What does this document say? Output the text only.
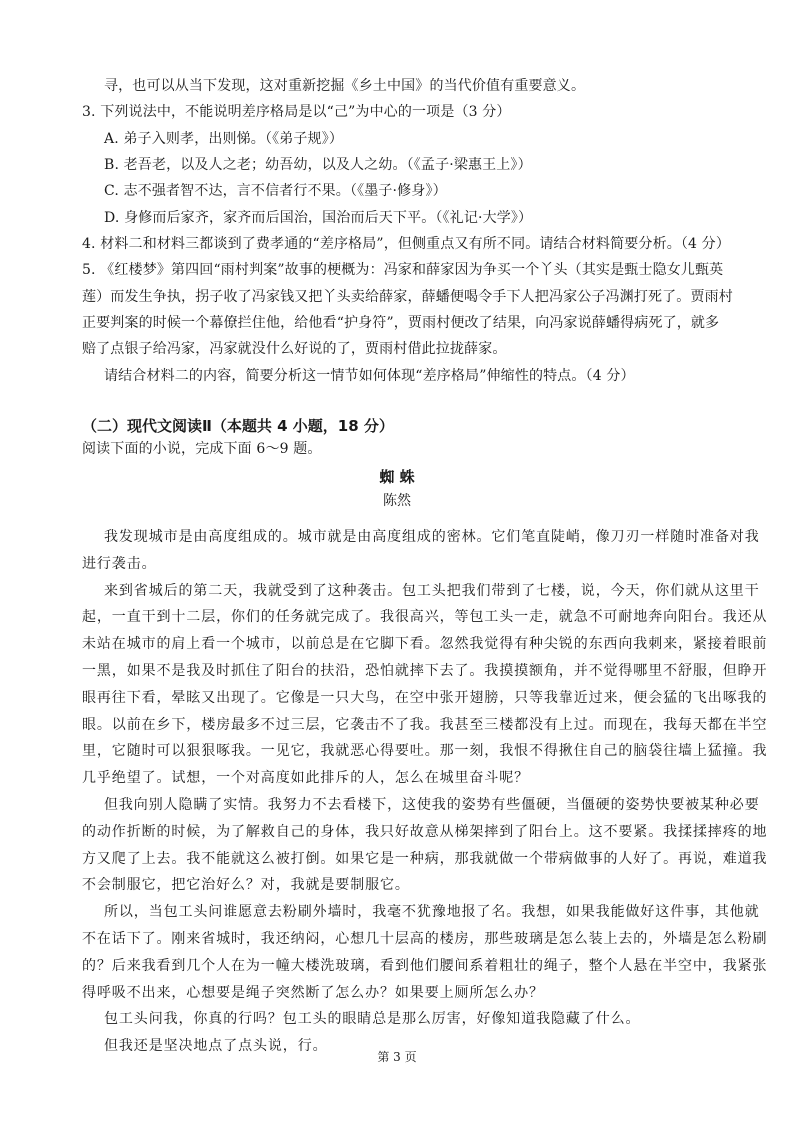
寻，也可以从当下发现，这对重新挖掘《乡土中国》的当代价值有重要意义。
3. 下列说法中，不能说明差序格局是以“己”为中心的一项是（3 分）
A. 弟子入则孝，出则悌。（《弟子规》）
B. 老吾老，以及人之老；幼吾幼，以及人之幼。（《孟子·梁惠王上》）
C. 志不强者智不达，言不信者行不果。（《墨子·修身》）
D. 身修而后家齐，家齐而后国治，国治而后天下平。（《礼记·大学》）
4. 材料二和材料三都谈到了费孝通的“差序格局”，但侧重点又有所不同。请结合材料简要分析。（4 分）
5. 《红楼梦》第四回“雨村判案”故事的梗概为：冯家和薛家因为争买一个丫头（其实是甄士隐女儿甄英
莲）而发生争执，拐子收了冯家钱又把丫头卖给薛家，薛蟠便喝令手下人把冯家公子冯渊打死了。贾雨村
正要判案的时候一个幕僚拦住他，给他看“护身符”，贾雨村便改了结果，向冯家说薛蟠得病死了，就多
赔了点银子给冯家，冯家就没什么好说的了，贾雨村借此拉拢薛家。
请结合材料二的内容，简要分析这一情节如何体现“差序格局”伸缩性的特点。（4 分）
（二）现代文阅读Ⅱ（本题共 4 小题，18 分）
阅读下面的小说，完成下面 6～9 题。
蜘 蛛
陈然
我发现城市是由高度组成的。城市就是由高度组成的密林。它们笔直陡峭，像刀刃一样随时准备对我
进行袭击。
来到省城后的第二天，我就受到了这种袭击。包工头把我们带到了七楼，说，今天，你们就从这里干
起，一直干到十二层，你们的任务就完成了。我很高兴，等包工头一走，就急不可耐地奔向阳台。我还从
未站在城市的肩上看一个城市，以前总是在它脚下看。忽然我觉得有种尖锐的东西向我刺来，紧接着眼前
一黑，如果不是我及时抓住了阳台的扶沿，恐怕就摔下去了。我摸摸额角，并不觉得哪里不舒服，但睁开
眼再往下看，晕眩又出现了。它像是一只大鸟，在空中张开翅膀，只等我靠近过来，便会猛的飞出啄我的
眼。以前在乡下，楼房最多不过三层，它袭击不了我。我甚至三楼都没有上过。而现在，我每天都在半空
里，它随时可以狠狠啄我。一见它，我就恶心得要吐。那一刻，我恨不得揪住自己的脑袋往墙上猛撞。我
几乎绝望了。试想，一个对高度如此排斥的人，怎么在城里奋斗呢？
但我向别人隐瞒了实情。我努力不去看楼下，这使我的姿势有些僵硬，当僵硬的姿势快要被某种必要
的动作折断的时候，为了解救自己的身体，我只好故意从梯架摔到了阳台上。这不要紧。我揉揉摔疼的地
方又爬了上去。我不能就这么被打倒。如果它是一种病，那我就做一个带病做事的人好了。再说，难道我
不会制服它，把它治好么？对，我就是要制服它。
所以，当包工头问谁愿意去粉刷外墙时，我毫不犹豫地报了名。我想，如果我能做好这件事，其他就
不在话下了。刚来省城时，我还纳闷，心想几十层高的楼房，那些玻璃是怎么装上去的，外墙是怎么粉刷
的？后来我看到几个人在为一幢大楼洗玻璃，看到他们腰间系着粗壮的绳子，整个人悬在半空中，我紧张
得呼吸不出来，心想要是绳子突然断了怎么办？如果要上厕所怎么办？
包工头问我，你真的行吗？包工头的眼睛总是那么厉害，好像知道我隐藏了什么。
但我还是坚决地点了点头说，行。
第 3 页
